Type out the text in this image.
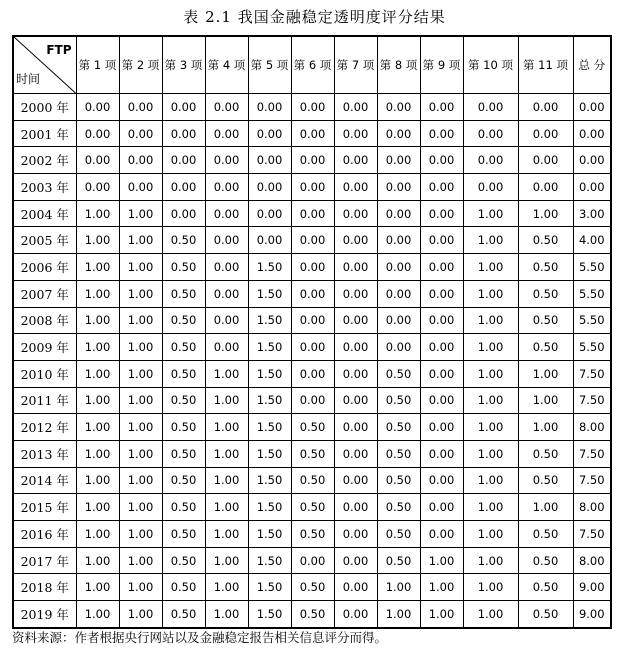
表 2.1 我国金融稳定透明度评分结果
FTP
时间	第 1 项	第 2 项	第 3 项	第 4 项	第 5 项	第 6 项	第 7 项	第 8 项	第 9 项	第 10 项	第 11 项	总 分
2000 年	0.00	0.00	0.00	0.00	0.00	0.00	0.00	0.00	0.00	0.00	0.00	0.00
2001 年	0.00	0.00	0.00	0.00	0.00	0.00	0.00	0.00	0.00	0.00	0.00	0.00
2002 年	0.00	0.00	0.00	0.00	0.00	0.00	0.00	0.00	0.00	0.00	0.00	0.00
2003 年	0.00	0.00	0.00	0.00	0.00	0.00	0.00	0.00	0.00	0.00	0.00	0.00
2004 年	1.00	1.00	0.00	0.00	0.00	0.00	0.00	0.00	0.00	1.00	1.00	3.00
2005 年	1.00	1.00	0.50	0.00	0.00	0.00	0.00	0.00	0.00	1.00	0.50	4.00
2006 年	1.00	1.00	0.50	0.00	1.50	0.00	0.00	0.00	0.00	1.00	0.50	5.50
2007 年	1.00	1.00	0.50	0.00	1.50	0.00	0.00	0.00	0.00	1.00	0.50	5.50
2008 年	1.00	1.00	0.50	0.00	1.50	0.00	0.00	0.00	0.00	1.00	0.50	5.50
2009 年	1.00	1.00	0.50	0.00	1.50	0.00	0.00	0.00	0.00	1.00	0.50	5.50
2010 年	1.00	1.00	0.50	1.00	1.50	0.00	0.00	0.50	0.00	1.00	1.00	7.50
2011 年	1.00	1.00	0.50	1.00	1.50	0.00	0.00	0.50	0.00	1.00	1.00	7.50
2012 年	1.00	1.00	0.50	1.00	1.50	0.50	0.00	0.50	0.00	1.00	1.00	8.00
2013 年	1.00	1.00	0.50	1.00	1.50	0.50	0.00	0.50	0.00	1.00	0.50	7.50
2014 年	1.00	1.00	0.50	1.00	1.50	0.50	0.00	0.50	0.00	1.00	0.50	7.50
2015 年	1.00	1.00	0.50	1.00	1.50	0.50	0.00	0.50	0.00	1.00	1.00	8.00
2016 年	1.00	1.00	0.50	1.00	1.50	0.50	0.00	0.50	0.00	1.00	0.50	7.50
2017 年	1.00	1.00	0.50	1.00	1.50	0.00	0.00	0.50	1.00	1.00	0.50	8.00
2018 年	1.00	1.00	0.50	1.00	1.50	0.50	0.00	1.00	1.00	1.00	0.50	9.00
2019 年	1.00	1.00	0.50	1.00	1.50	0.50	0.00	1.00	1.00	1.00	0.50	9.00
资料来源：作者根据央行网站以及金融稳定报告相关信息评分而得。
